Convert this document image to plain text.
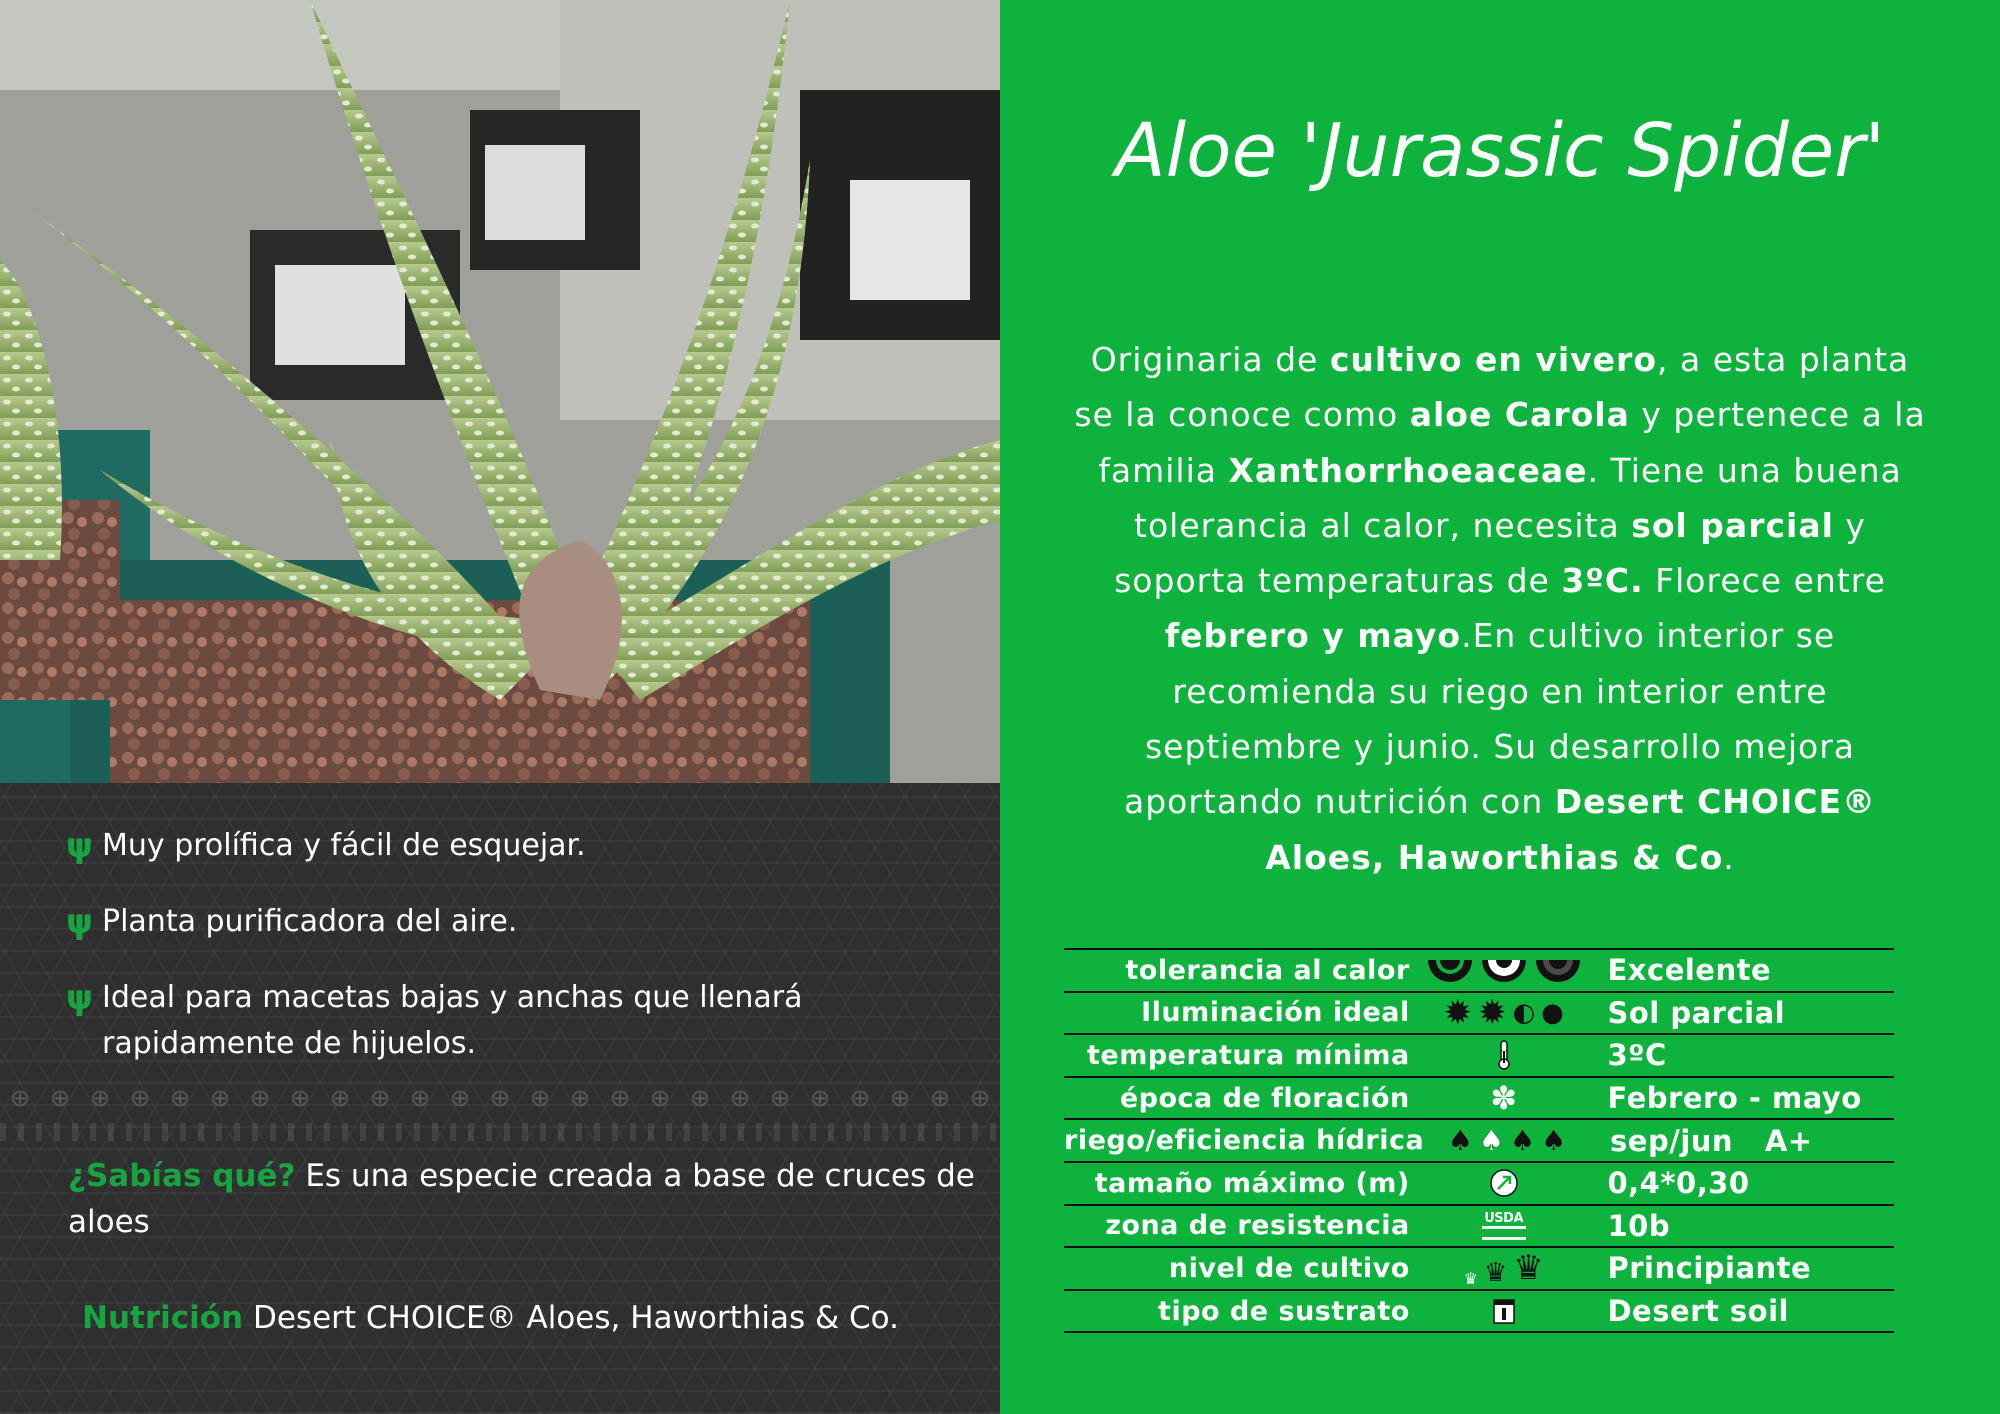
ψ Muy prolífica y fácil de esquejar.
ψ Planta purificadora del aire.
ψ Ideal para macetas bajas y anchas que llenará rapidamente de hijuelos.
⊕ ⊕ ⊕ ⊕ ⊕ ⊕ ⊕ ⊕ ⊕ ⊕ ⊕ ⊕ ⊕ ⊕ ⊕ ⊕ ⊕ ⊕ ⊕ ⊕ ⊕ ⊕ ⊕ ⊕ ⊕
¿Sabías qué? Es una especie creada a base de cruces de aloes
Nutrición Desert CHOICE® Aloes, Haworthias & Co.
Aloe 'Jurassic Spider'
Originaria de cultivo en vivero, a esta planta se la conoce como aloe Carola y pertenece a la familia Xanthorrhoeaceae. Tiene una buena tolerancia al calor, necesita sol parcial y soporta temperaturas de 3ºC. Florece entre febrero y mayo.En cultivo interior se recomienda su riego en interior entre septiembre y junio. Su desarrollo mejora aportando nutrición con Desert CHOICE® Aloes, Haworthias & Co.
tolerancia al calor	Excelente
Iluminación ideal ✹ ✹ ◐ ●	Sol parcial
temperatura mínima	3ºC
época de floración	✽	Febrero - mayo
riego/eficiencia hídrica ♠ ♠ ♠ ♠	sep/jun   A+
tamaño máximo (m)	0,4*0,30
zona de resistencia	USDA	10b
nivel de cultivo	♛ ♛ ♛	Principiante
tipo de sustrato	Desert soil
